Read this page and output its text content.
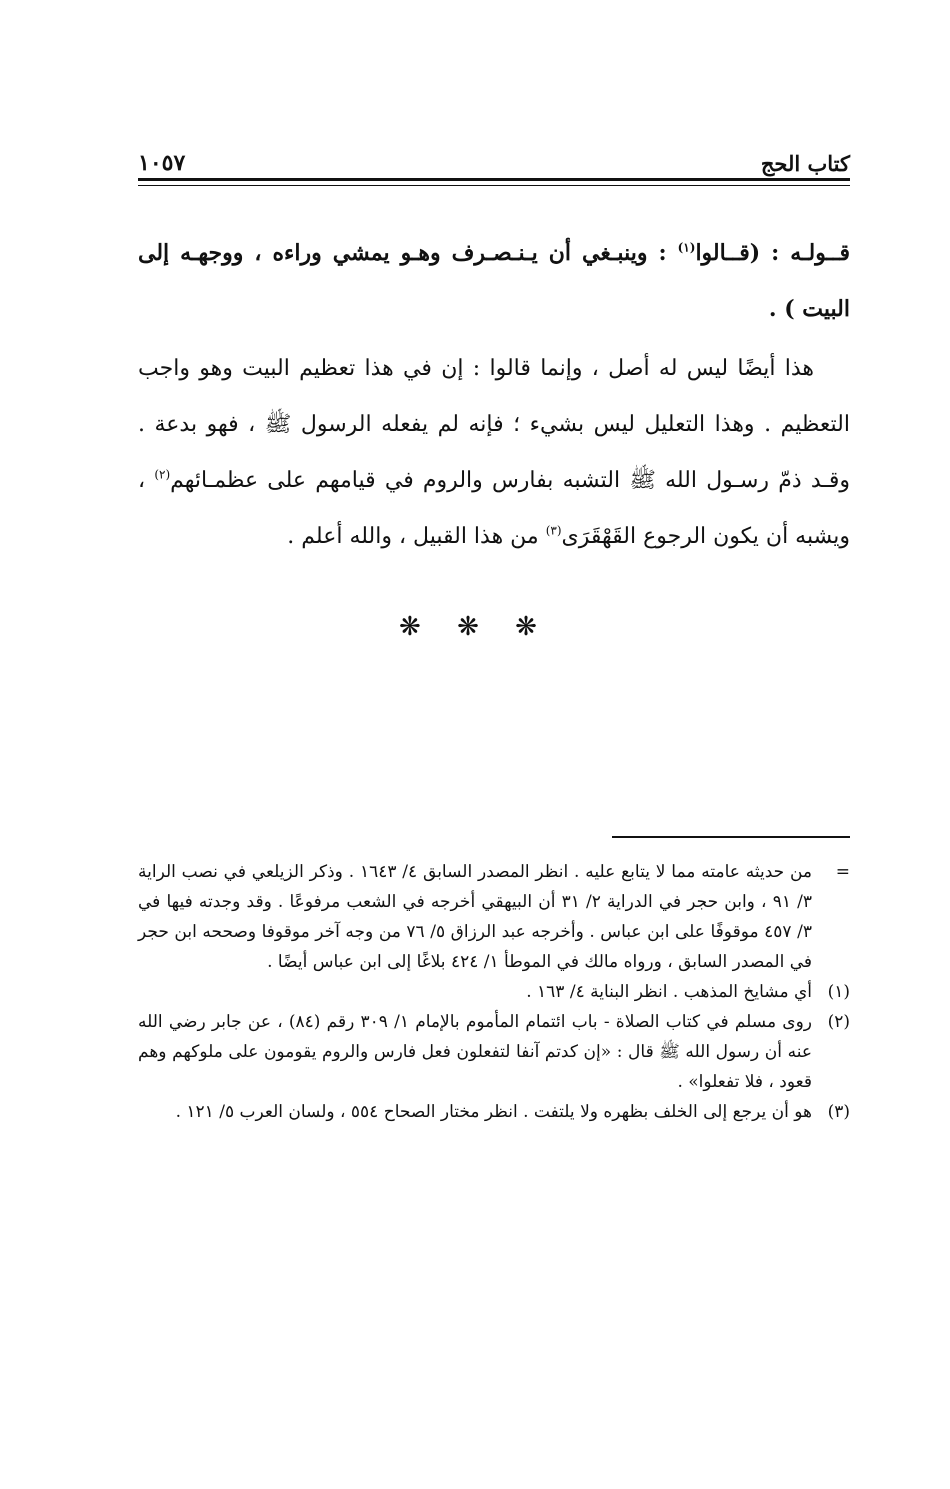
كتاب الحج
١٠٥٧

قــولـه : (قــالوا$^{(١)}$ : وينبـغي أن يـنـصـرف وهـو يمشي وراءه ، ووجهـه إلى البيت ) .

هذا أيضًا ليس له أصل ، وإنما قالوا : إن في هذا تعظيم البيت وهو واجب التعظيم . وهذا التعليل ليس بشيء ؛ فإنه لم يفعله الرسول ﷺ ، فهو بدعة . وقـد ذمّ رسـول الله ﷺ التشبه بفارس والروم في قيامهم على عظمـائهم$^{(٢)}$ ، ويشبه أن يكون الرجوع القَهْقَرَى$^{(٣)}$ من هذا القبيل ، والله أعلم .

❋ ❋ ❋
=
من حديثه عامته مما لا يتابع عليه . انظر المصدر السابق ٤/ ١٦٤٣ . وذكر الزيلعي في نصب الراية ٣/ ٩١ ، وابن حجر في الدراية ٢/ ٣١ أن البيهقي أخرجه في الشعب مرفوعًا . وقد وجدته فيها في ٣/ ٤٥٧ موقوفًا على ابن عباس . وأخرجه عبد الرزاق ٥/ ٧٦ من وجه آخر موقوفا وصححه ابن حجر في المصدر السابق ، ورواه مالك في الموطأ ١/ ٤٢٤ بلاغًا إلى ابن عباس أيضًا .
(١)
أي مشايخ المذهب . انظر البناية ٤/ ١٦٣ .
(٢)
روى مسلم في كتاب الصلاة - باب ائتمام المأموم بالإمام ١/ ٣٠٩ رقم (٨٤) ، عن جابر رضي الله عنه أن رسول الله ﷺ قال : «إن كدتم آنفا لتفعلون فعل فارس والروم يقومون على ملوكهم وهم قعود ، فلا تفعلوا» .
(٣)
هو أن يرجع إلى الخلف بظهره ولا يلتفت . انظر مختار الصحاح ٥٥٤ ، ولسان العرب ٥/ ١٢١ .
